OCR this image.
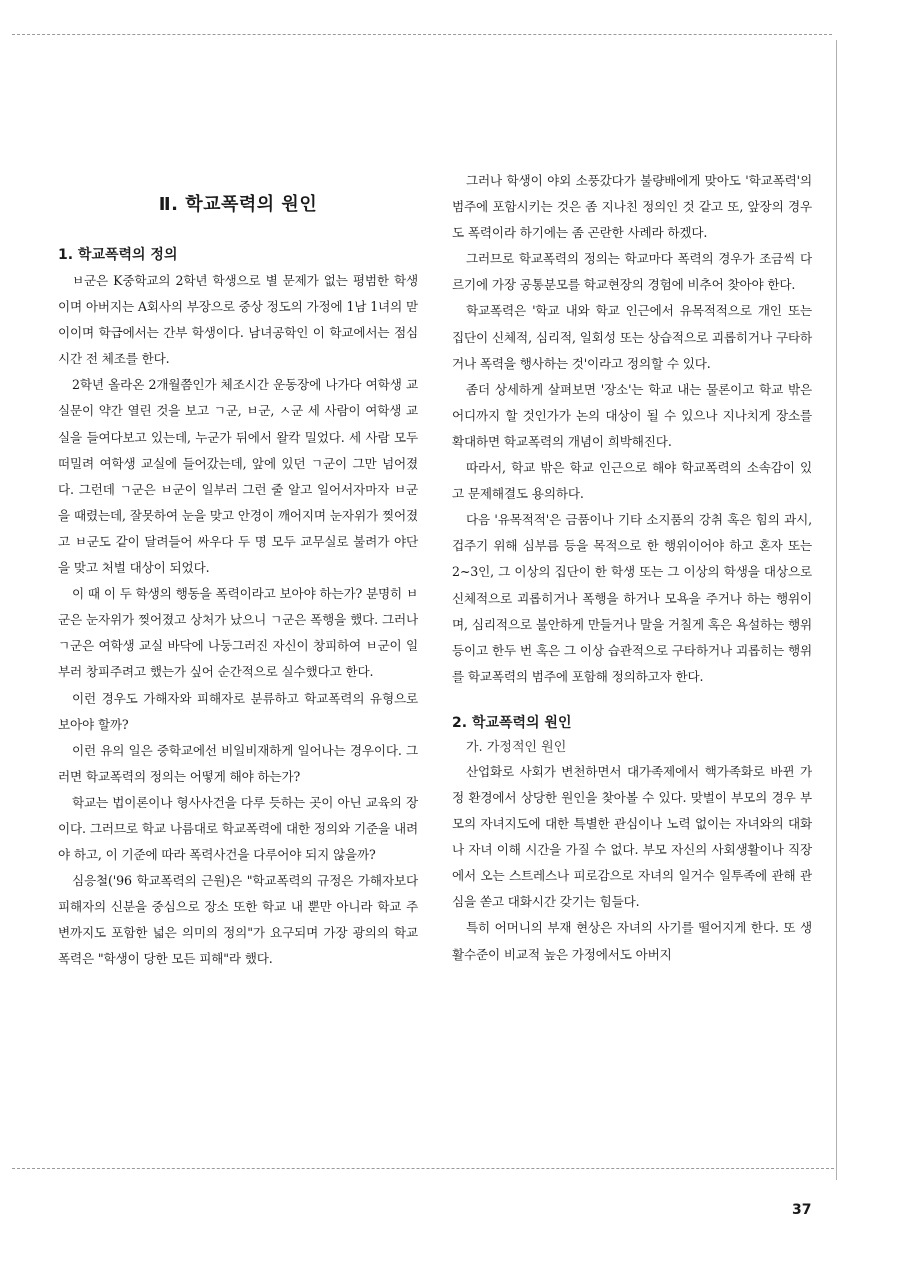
Ⅱ. 학교폭력의 원인
1. 학교폭력의 정의

ㅂ군은 K중학교의 2학년 학생으로 별 문제가 없는 평범한 학생이며 아버지는 A회사의 부장으로 중상 정도의 가정에 1남 1녀의 맏이이며 학급에서는 간부 학생이다. 남녀공학인 이 학교에서는 점심 시간 전 체조를 한다.

2학년 올라온 2개월쯤인가 체조시간 운동장에 나가다 여학생 교실문이 약간 열린 것을 보고 ㄱ군, ㅂ군, ㅅ군 세 사람이 여학생 교실을 들여다보고 있는데, 누군가 뒤에서 왈칵 밀었다. 세 사람 모두 떠밀려 여학생 교실에 들어갔는데, 앞에 있던 ㄱ군이 그만 넘어졌다. 그런데 ㄱ군은 ㅂ군이 일부러 그런 줄 알고 일어서자마자 ㅂ군을 때렸는데, 잘못하여 눈을 맞고 안경이 깨어지며 눈자위가 찢어졌고 ㅂ군도 같이 달려들어 싸우다 두 명 모두 교무실로 불려가 야단을 맞고 처벌 대상이 되었다.

이 때 이 두 학생의 행동을 폭력이라고 보아야 하는가? 분명히 ㅂ군은 눈자위가 찢어졌고 상처가 났으니 ㄱ군은 폭행을 했다. 그러나 ㄱ군은 여학생 교실 바닥에 나둥그러진 자신이 창피하여 ㅂ군이 일부러 창피주려고 했는가 싶어 순간적으로 실수했다고 한다.

이런 경우도 가해자와 피해자로 분류하고 학교폭력의 유형으로 보아야 할까?

이런 유의 일은 중학교에선 비일비재하게 일어나는 경우이다. 그러면 학교폭력의 정의는 어떻게 해야 하는가?

학교는 법이론이나 형사사건을 다루 듯하는 곳이 아닌 교육의 장이다. 그러므로 학교 나름대로 학교폭력에 대한 정의와 기준을 내려야 하고, 이 기준에 따라 폭력사건을 다루어야 되지 않을까?

심응철('96 학교폭력의 근원)은 "학교폭력의 규정은 가해자보다 피해자의 신분을 중심으로 장소 또한 학교 내 뿐만 아니라 학교 주변까지도 포함한 넓은 의미의 정의"가 요구되며 가장 광의의 학교폭력은 "학생이 당한 모든 피해"라 했다.

그러나 학생이 야외 소풍갔다가 불량배에게 맞아도 '학교폭력'의 범주에 포함시키는 것은 좀 지나친 정의인 것 같고 또, 앞장의 경우도 폭력이라 하기에는 좀 곤란한 사례라 하겠다.

그러므로 학교폭력의 정의는 학교마다 폭력의 경우가 조금씩 다르기에 가장 공통분모를 학교현장의 경험에 비추어 찾아야 한다.

학교폭력은 '학교 내와 학교 인근에서 유목적적으로 개인 또는 집단이 신체적, 심리적, 일회성 또는 상습적으로 괴롭히거나 구타하거나 폭력을 행사하는 것'이라고 정의할 수 있다.

좀더 상세하게 살펴보면 '장소'는 학교 내는 물론이고 학교 밖은 어디까지 할 것인가가 논의 대상이 될 수 있으나 지나치게 장소를 확대하면 학교폭력의 개념이 희박해진다.

따라서, 학교 밖은 학교 인근으로 해야 학교폭력의 소속감이 있고 문제해결도 용의하다.

다음 '유목적적'은 금품이나 기타 소지품의 강취 혹은 힘의 과시, 겁주기 위해 심부름 등을 목적으로 한 행위이어야 하고 혼자 또는 2~3인, 그 이상의 집단이 한 학생 또는 그 이상의 학생을 대상으로 신체적으로 괴롭히거나 폭행을 하거나 모욕을 주거나 하는 행위이며, 심리적으로 불안하게 만들거나 말을 거칠게 혹은 욕설하는 행위 등이고 한두 번 혹은 그 이상 습관적으로 구타하거나 괴롭히는 행위를 학교폭력의 범주에 포함해 정의하고자 한다.

2. 학교폭력의 원인
가. 가정적인 원인

산업화로 사회가 변천하면서 대가족제에서 핵가족화로 바뀐 가정 환경에서 상당한 원인을 찾아볼 수 있다. 맞벌이 부모의 경우 부모의 자녀지도에 대한 특별한 관심이나 노력 없이는 자녀와의 대화나 자녀 이해 시간을 가질 수 없다. 부모 자신의 사회생활이나 직장에서 오는 스트레스나 피로감으로 자녀의 일거수 일투족에 관해 관심을 쏟고 대화시간 갖기는 힘들다.

특히 어머니의 부재 현상은 자녀의 사기를 떨어지게 한다. 또 생활수준이 비교적 높은 가정에서도 아버지

37
